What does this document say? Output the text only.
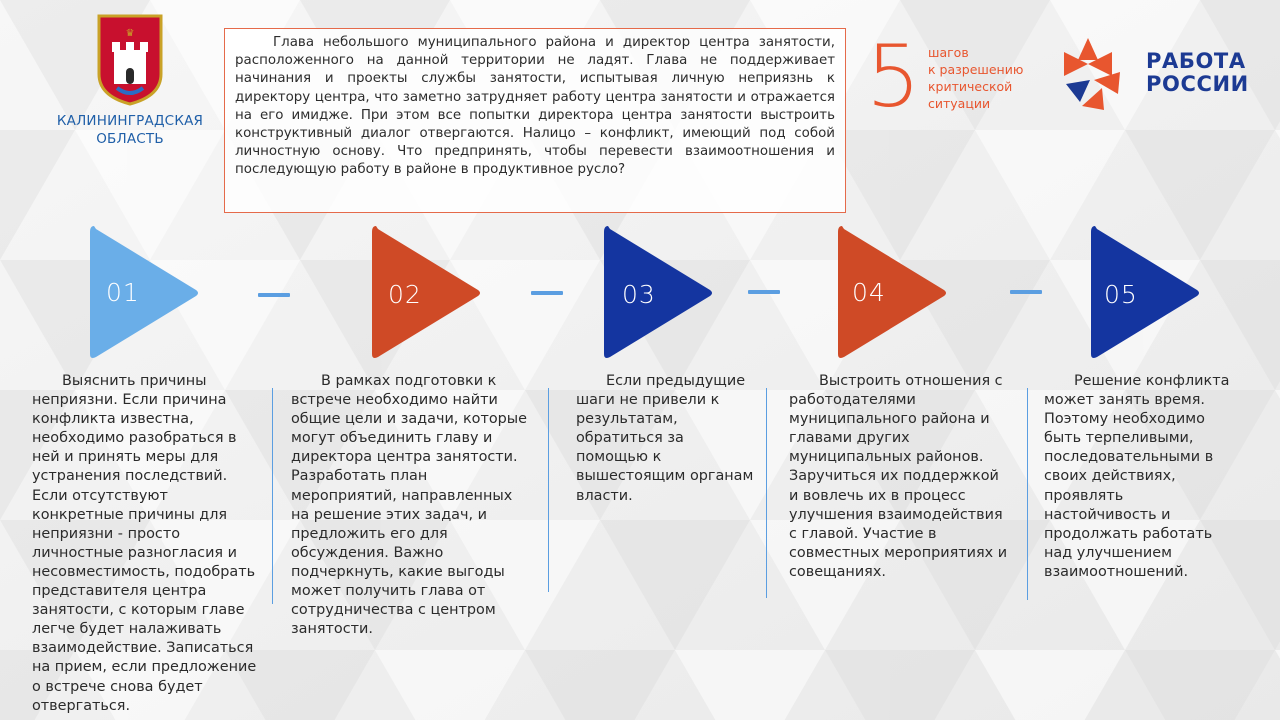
♛
КАЛИНИНГРАДСКАЯ
ОБЛАСТЬ
Глава небольшого муниципального района и директор центра занятости, расположенного на данной территории не ладят. Глава не поддерживает начинания и проекты службы занятости, испытывая личную неприязнь к директору центра, что заметно затрудняет работу центра занятости и отражается на его имидже. При этом все попытки директора центра занятости выстроить конструктивный диалог отвергаются. Налицо – конфликт, имеющий под собой личностную основу. Что предпринять, чтобы перевести взаимоотношения и последующую работу в районе в продуктивное русло?
5 шагов
к разрешению
критической
ситуации
РАБОТА
РОССИИ
01	02	03	04	05

Выяснить причины неприязни. Если причина конфликта известна, необходимо разобраться в ней и принять меры для устранения последствий. Если отсутствуют конкретные причины для неприязни - просто личностные разногласия и несовместимость, подобрать представителя центра занятости, с которым главе легче будет налаживать взаимодействие. Записаться на прием, если предложение о встрече снова будет отвергаться.

В рамках подготовки к встрече необходимо найти общие цели и задачи, которые могут объединить главу и директора центра занятости. Разработать план мероприятий, направленных на решение этих задач, и предложить его для обсуждения. Важно подчеркнуть, какие выгоды может получить глава от сотрудничества с центром занятости.

Если предыдущие шаги не привели к результатам, обратиться за помощью к вышестоящим органам власти.

Выстроить отношения с работодателями муниципального района и главами других муниципальных районов. Заручиться их поддержкой и вовлечь их в процесс улучшения взаимодействия с главой. Участие в совместных мероприятиях и совещаниях.

Решение конфликта может занять время. Поэтому необходимо быть терпеливыми, последовательными в своих действиях, проявлять настойчивость и продолжать работать над улучшением взаимоотношений.
